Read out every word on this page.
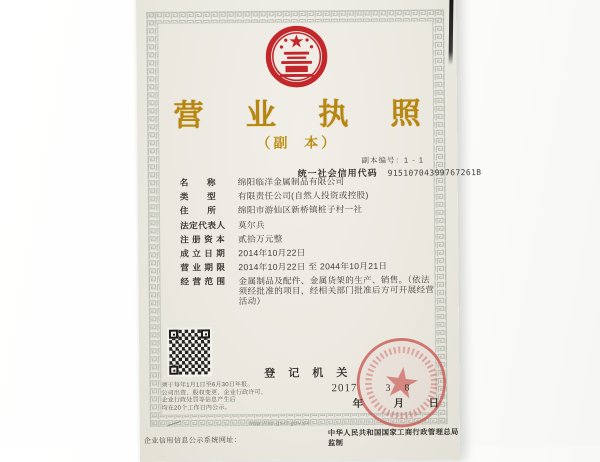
营 业 执 照
（副  本）
副本编号：1 - 1
统一社会信用代码 91510704399767261B
名　　称	绵阳临洋金属制品有限公司
类　　型	有限责任公司(自然人投资或控股)
住　　所	绵阳市游仙区新桥镇桩子村一社
法定代表人	莫尔兵
注 册 资 本	贰拾万元整
成 立 日 期	2014年10月22日
营 业 期 限	2014年10月22日 至 2044年10月21日
经 营 范 围	金属制品及配件、金属货架的生产、销售。（依法须经批准的项目，经相关部门批准后方可开展经营活动）
须于每年1月1日至6月30日年报。
公司出资、股权变更、企业行政许可、
企业行政处罚等信息产生后
均在20个工作日内公示。
登 记 机 关
2017	3 8
年	月 日
http://sc.gsxt.gov.cn
企业信用信息公示系统网址：
中华人民共和国国家工商行政管理总局监制
